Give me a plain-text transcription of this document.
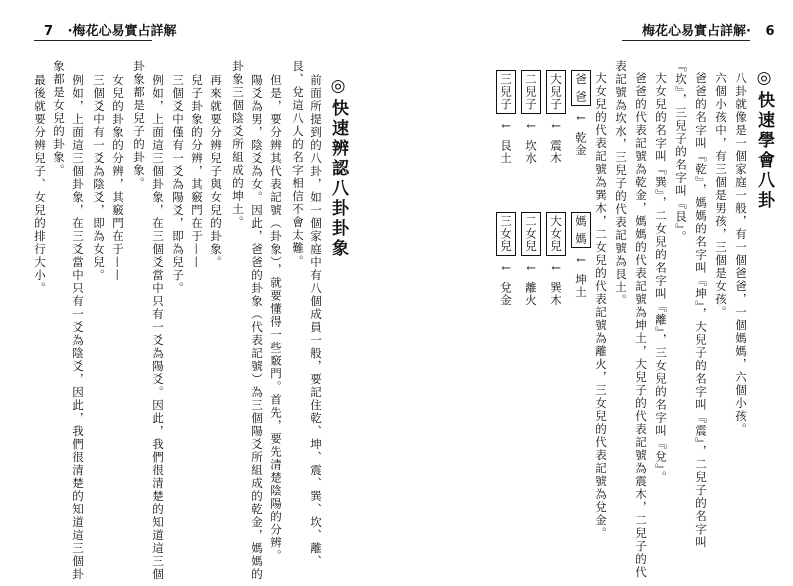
7 ·梅花心易實占詳解	梅花心易實占詳解· 6
◎快速辨認八卦卦象
前面所提到的八卦，如一個家庭中有八個成員一般，要記住乾、坤、震、巽、坎、離、
艮、兌這八人的名字相信不會太難。
但是，要分辨其代表記號（卦象），就要懂得一些竅門。首先，要先清楚陰陽的分辨。
陽爻為男，陰爻為女。因此，爸爸的卦象（代表記號）為三個陽爻所組成的乾金，媽媽的
卦象三個陰爻所組成的坤土。
再來就要分辨兒子與女兒的卦象。
兒子卦象的分辨，其竅門在于——
三個爻中僅有一爻為陽爻，即為兒子。
例如，上面這三個卦象，在三個爻當中只有一爻為陽爻。因此，我們很清楚的知道這三個
卦象都是兒子的卦象。
女兒的卦象的分辨，其竅門在于——
三個爻中有一爻為陰爻，即為女兒。
例如，上面這三個卦象，在三爻當中只有一爻為陰爻，因此，我們很清楚的知道這三個卦
象都是女兒的卦象。
最後就要分辨兒子、女兒的排行大小。	◎快速學會八卦
八卦就像是一個家庭一般，有一個爸爸，一個媽媽，六個小孩。
六個小孩中，有三個是男孩，三個是女孩。
爸爸的名字叫『乾』，媽媽的名字叫『坤』，大兒子的名字叫『震』，二兒子的名字叫
『坎』，三兒子的名字叫『艮』。
大女兒的名字叫『巽』，二女兒的名字叫『離』，三女兒的名字叫『兌』。
爸爸的代表記號為乾金，媽媽的代表記號為坤土，大兒子的代表記號為震木，二兒子的代
表記號為坎水，三兒子的代表記號為艮土。
大女兒的代表記號為巽木，二女兒的代表記號為離火，三女兒的代表記號為兌金。
爸 爸 ↓ 乾金
大兒子 ↓ 震木
二兒子 ↓ 坎水
三兒子 ↓ 艮土
媽 媽 ↓ 坤土
大女兒 ↓ 巽木
二女兒 ↓ 離火
三女兒 ↓ 兌金
